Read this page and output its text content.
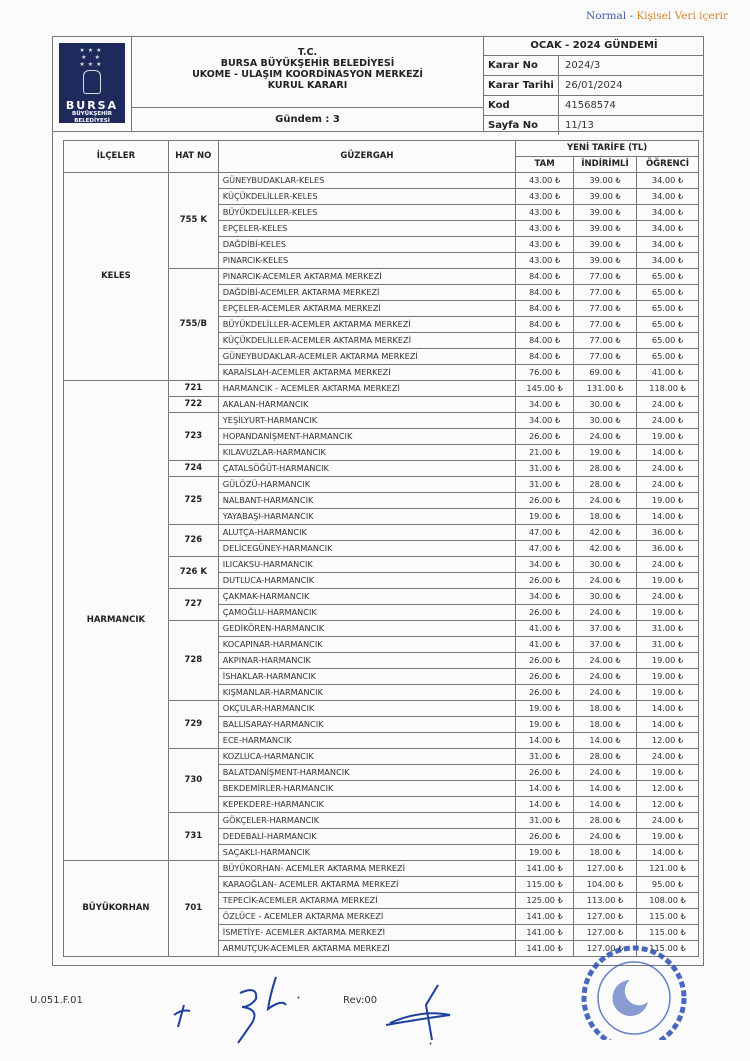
Normal - Kişisel Veri içerir
★★★
★ ★
★★★
BURSA
BÜYÜKŞEHİR
BELEDİYESİ
T.C.
BURSA BÜYÜKŞEHİR BELEDİYESİ
UKOME - ULAŞIM KOORDİNASYON MERKEZİ
KURUL KARARI
Gündem : 3
OCAK - 2024 GÜNDEMİ
Karar No	2024/3
Karar Tarihi	26/01/2024
Kod	41568574
Sayfa No	11/13
İLÇELER	HAT NO	GÜZERGAH	YENİ TARİFE (TL)		
			TAM	İNDİRİMLİ	ÖĞRENCİ
KELES	755 K	GÜNEYBUDAKLAR-KELES	43.00 ₺	39.00 ₺	34.00 ₺
		KÜÇÜKDELİLLER-KELES	43.00 ₺	39.00 ₺	34.00 ₺
		BÜYÜKDELİLLER-KELES	43.00 ₺	39.00 ₺	34.00 ₺
		EPÇELER-KELES	43.00 ₺	39.00 ₺	34.00 ₺
		DAĞDİBİ-KELES	43.00 ₺	39.00 ₺	34.00 ₺
		PINARCIK-KELES	43.00 ₺	39.00 ₺	34.00 ₺
	755/B	PINARCIK-ACEMLER AKTARMA MERKEZİ	84.00 ₺	77.00 ₺	65.00 ₺
		DAĞDİBİ-ACEMLER AKTARMA MERKEZİ	84.00 ₺	77.00 ₺	65.00 ₺
		EPÇELER-ACEMLER AKTARMA MERKEZİ	84.00 ₺	77.00 ₺	65.00 ₺
		BÜYÜKDELİLLER-ACEMLER AKTARMA MERKEZİ	84.00 ₺	77.00 ₺	65.00 ₺
		KÜÇÜKDELİLLER-ACEMLER AKTARMA MERKEZİ	84.00 ₺	77.00 ₺	65.00 ₺
		GÜNEYBUDAKLAR-ACEMLER AKTARMA MERKEZİ	84.00 ₺	77.00 ₺	65.00 ₺
		KARAİSLAH-ACEMLER AKTARMA MERKEZİ	76.00 ₺	69.00 ₺	41.00 ₺
HARMANCIK	721	HARMANCIK - ACEMLER AKTARMA MERKEZİ	145.00 ₺	131.00 ₺	118.00 ₺
	722	AKALAN-HARMANCIK	34.00 ₺	30.00 ₺	24.00 ₺
	723	YEŞİLYURT-HARMANCIK	34.00 ₺	30.00 ₺	24.00 ₺
		HOPANDANİŞMENT-HARMANCIK	26.00 ₺	24.00 ₺	19.00 ₺
		KILAVUZLAR-HARMANCIK	21.00 ₺	19.00 ₺	14.00 ₺
	724	ÇATALSÖĞÜT-HARMANCIK	31.00 ₺	28.00 ₺	24.00 ₺
	725	GÜLÖZÜ-HARMANCIK	31.00 ₺	28.00 ₺	24.00 ₺
		NALBANT-HARMANCIK	26.00 ₺	24.00 ₺	19.00 ₺
		YAYABAŞI-HARMANCIK	19.00 ₺	18.00 ₺	14.00 ₺
	726	ALUTÇA-HARMANCIK	47.00 ₺	42.00 ₺	36.00 ₺
		DELİCEGÜNEY-HARMANCIK	47.00 ₺	42.00 ₺	36.00 ₺
	726 K	ILICAKSU-HARMANCIK	34.00 ₺	30.00 ₺	24.00 ₺
		DUTLUCA-HARMANCIK	26.00 ₺	24.00 ₺	19.00 ₺
	727	ÇAKMAK-HARMANCIK	34.00 ₺	30.00 ₺	24.00 ₺
		ÇAMOĞLU-HARMANCIK	26.00 ₺	24.00 ₺	19.00 ₺
	728	GEDİKÖREN-HARMANCIK	41.00 ₺	37.00 ₺	31.00 ₺
		KOCAPINAR-HARMANCIK	41.00 ₺	37.00 ₺	31.00 ₺
		AKPINAR-HARMANCIK	26.00 ₺	24.00 ₺	19.00 ₺
		İSHAKLAR-HARMANCIK	26.00 ₺	24.00 ₺	19.00 ₺
		KIŞMANLAR-HARMANCIK	26.00 ₺	24.00 ₺	19.00 ₺
	729	OKÇULAR-HARMANCIK	19.00 ₺	18.00 ₺	14.00 ₺
		BALLISARAY-HARMANCIK	19.00 ₺	18.00 ₺	14.00 ₺
		ECE-HARMANCIK	14.00 ₺	14.00 ₺	12.00 ₺
	730	KOZLUCA-HARMANCIK	31.00 ₺	28.00 ₺	24.00 ₺
		BALATDANİŞMENT-HARMANCIK	26.00 ₺	24.00 ₺	19.00 ₺
		BEKDEMİRLER-HARMANCIK	14.00 ₺	14.00 ₺	12.00 ₺
		KEPEKDERE-HARMANCIK	14.00 ₺	14.00 ₺	12.00 ₺
	731	GÖKÇELER-HARMANCIK	31.00 ₺	28.00 ₺	24.00 ₺
		DEDEBALİ-HARMANCIK	26.00 ₺	24.00 ₺	19.00 ₺
		SAÇAKLI-HARMANCIK	19.00 ₺	18.00 ₺	14.00 ₺
BÜYÜKORHAN	701	BÜYÜKORHAN- ACEMLER AKTARMA MERKEZİ	141.00 ₺	127.00 ₺	121.00 ₺
		KARAOĞLAN- ACEMLER AKTARMA MERKEZİ	115.00 ₺	104.00 ₺	95.00 ₺
		TEPECİK-ACEMLER AKTARMA MERKEZİ	125.00 ₺	113.00 ₺	108.00 ₺
		ÖZLÜCE - ACEMLER AKTARMA MERKEZİ	141.00 ₺	127.00 ₺	115.00 ₺
		İSMETİYE- ACEMLER AKTARMA MERKEZİ	141.00 ₺	127.00 ₺	115.00 ₺
		ARMUTÇUK-ACEMLER AKTARMA MERKEZİ	141.00 ₺	127.00 ₺	115.00 ₺
U.051.F.01	Rev:00
